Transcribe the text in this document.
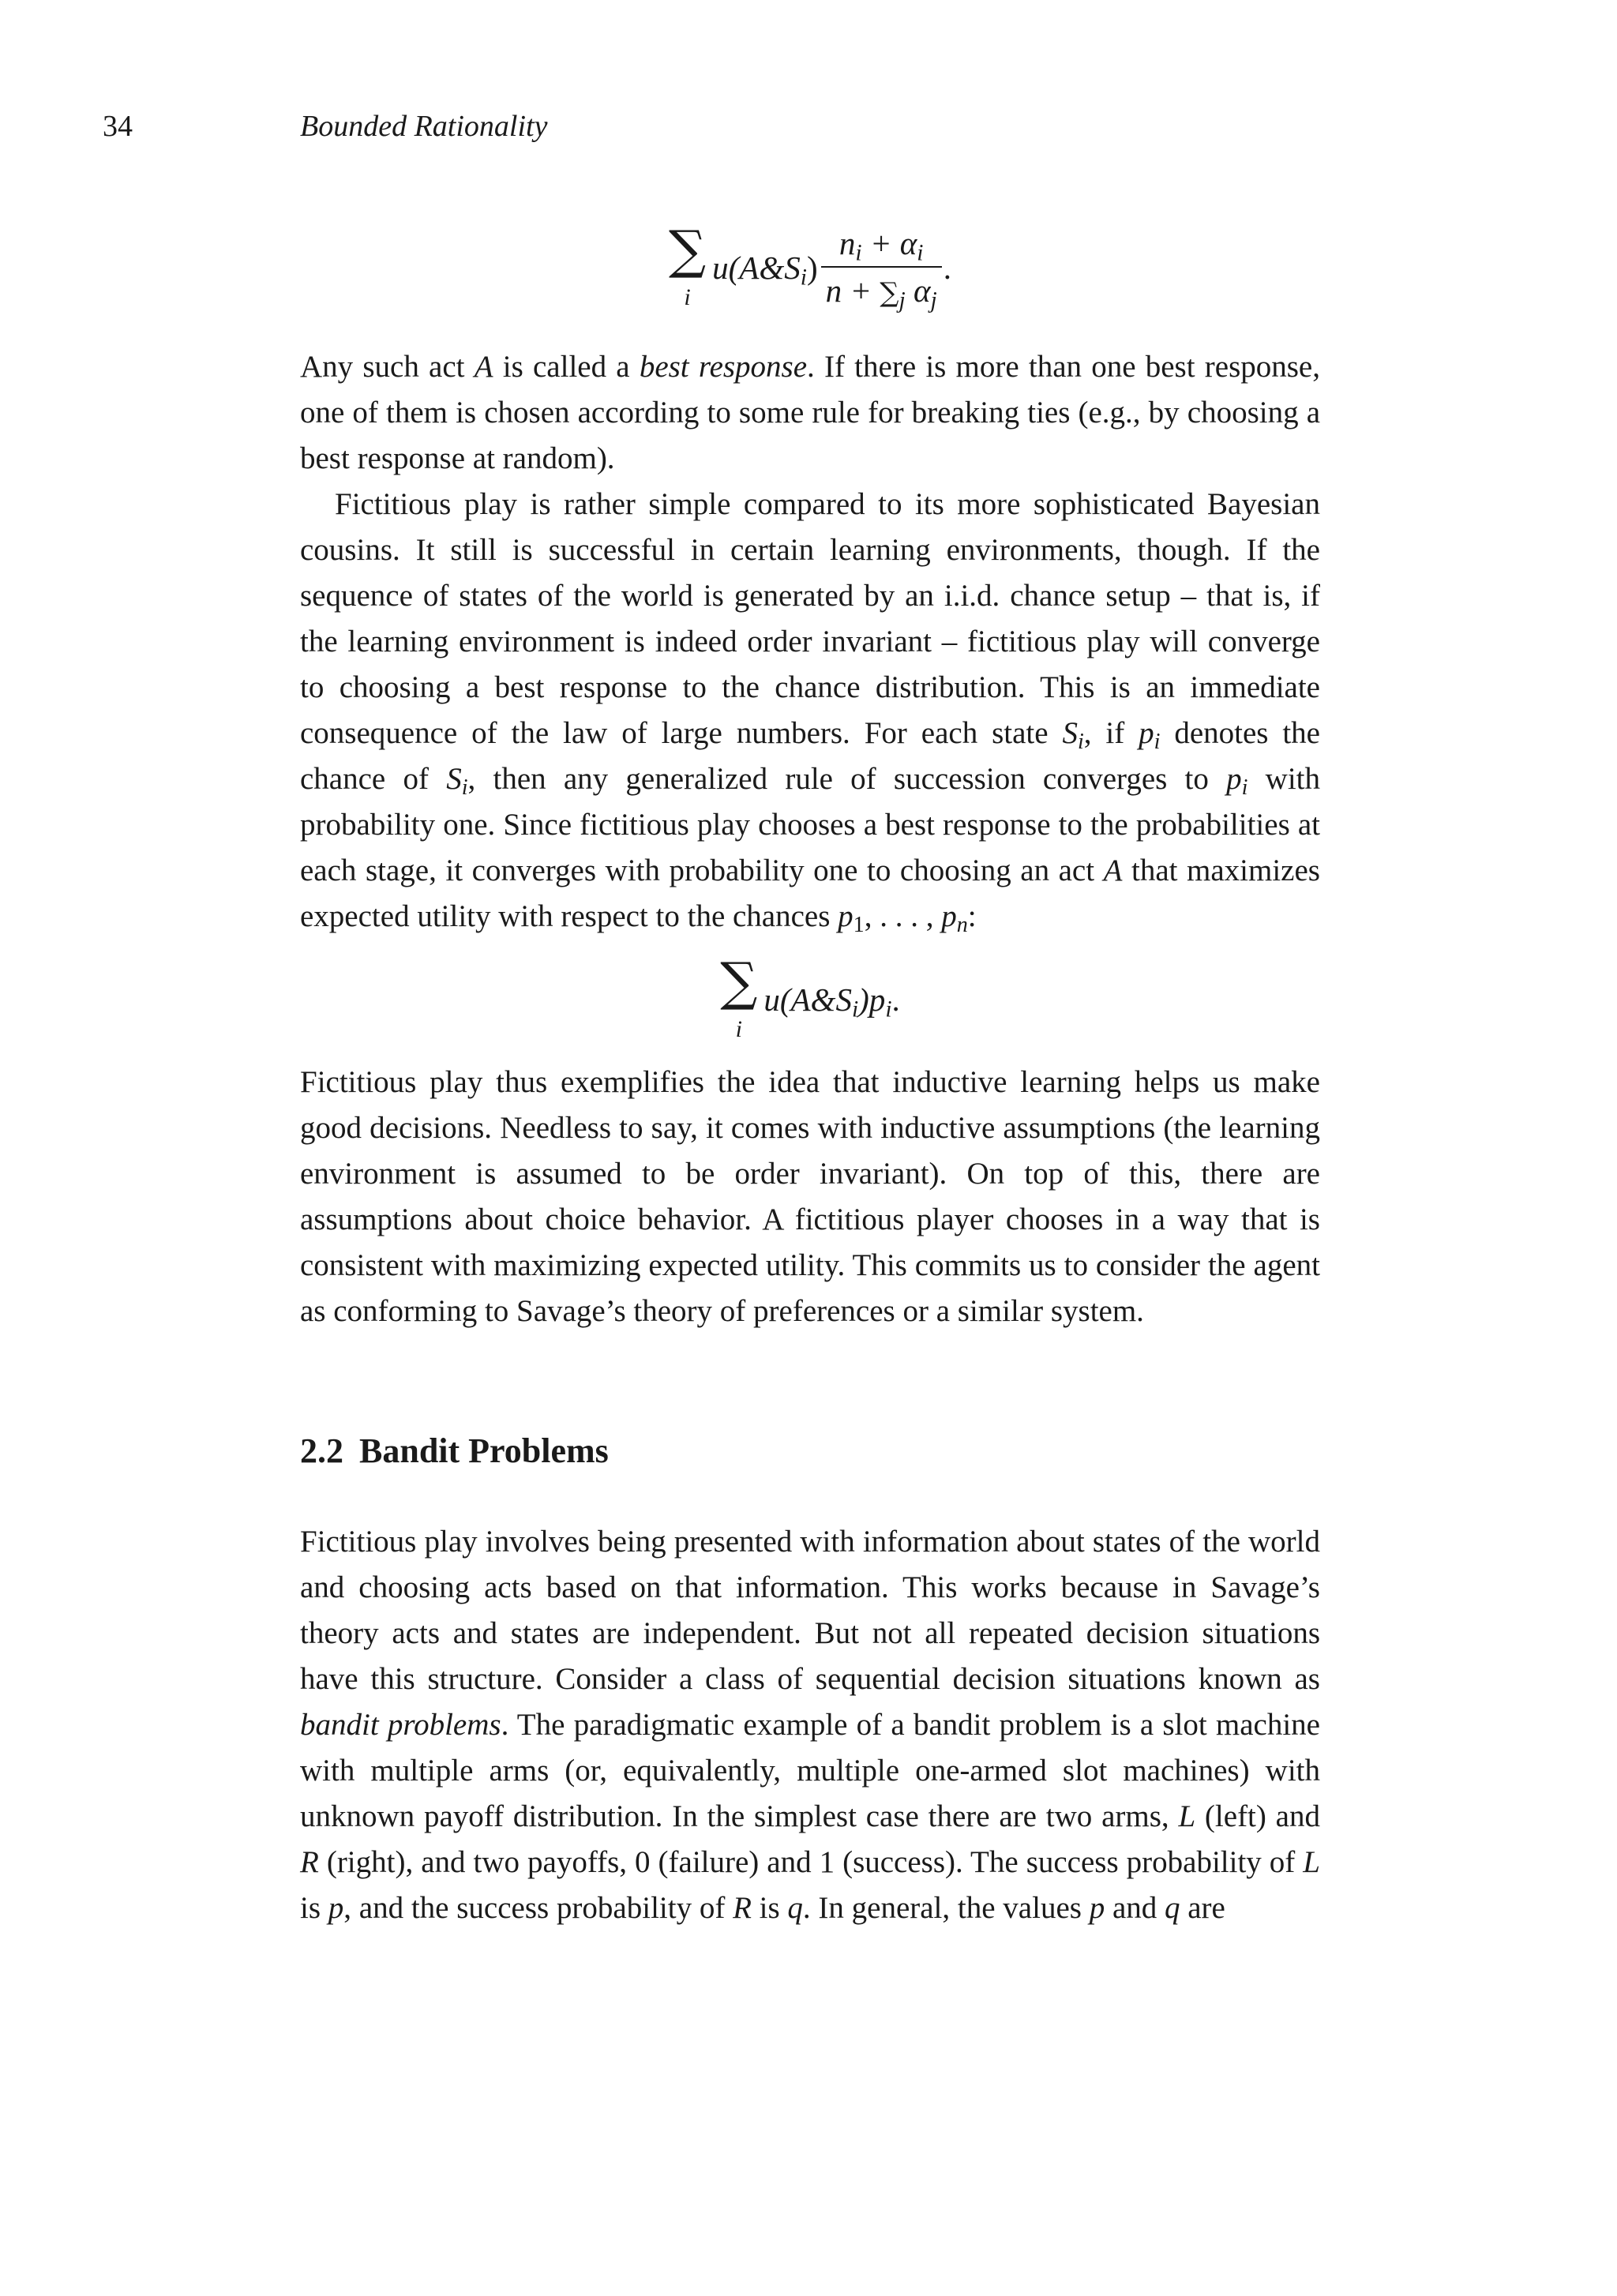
34	Bounded Rationality
∑
i
$u(A\&S_i) \frac{n_i + \alpha_i}{n + \sum_j \alpha_j}$ .

Any such act A is called a best response. If there is more than one best response, one of them is chosen according to some rule for breaking ties (e.g., by choosing a best response at random).

Fictitious play is rather simple compared to its more sophisticated Bayesian cousins. It still is successful in certain learning environments, though. If the sequence of states of the world is generated by an i.i.d. chance setup – that is, if the learning environment is indeed order invariant – fictitious play will converge to choosing a best response to the chance distribution. This is an immediate consequence of the law of large numbers. For each state $S_i$, if $p_i$ denotes the chance of $S_i$, then any generalized rule of succession converges to $p_i$ with probability one. Since fictitious play chooses a best response to the probabilities at each stage, it converges with probability one to choosing an act A that maximizes expected utility with respect to the chances $p_1$, . . . , $p_n$:

∑
i
$u(A\&S_i)p_i$.

Fictitious play thus exemplifies the idea that inductive learning helps us make good decisions. Needless to say, it comes with inductive assumptions (the learning environment is assumed to be order invariant). On top of this, there are assumptions about choice behavior. A fictitious player chooses in a way that is consistent with maximizing expected utility. This commits us to consider the agent as conforming to Savage’s theory of preferences or a similar system.

2.2 Bandit Problems

Fictitious play involves being presented with information about states of the world and choosing acts based on that information. This works because in Savage’s theory acts and states are independent. But not all repeated decision situations have this structure. Consider a class of sequential decision situations known as bandit problems. The paradigmatic example of a bandit problem is a slot machine with multiple arms (or, equivalently, multiple one-armed slot machines) with unknown payoff distribution. In the simplest case there are two arms, L (left) and R (right), and two payoffs, 0 (failure) and 1 (success). The success probability of L is p, and the success probability of R is q. In general, the values p and q are
